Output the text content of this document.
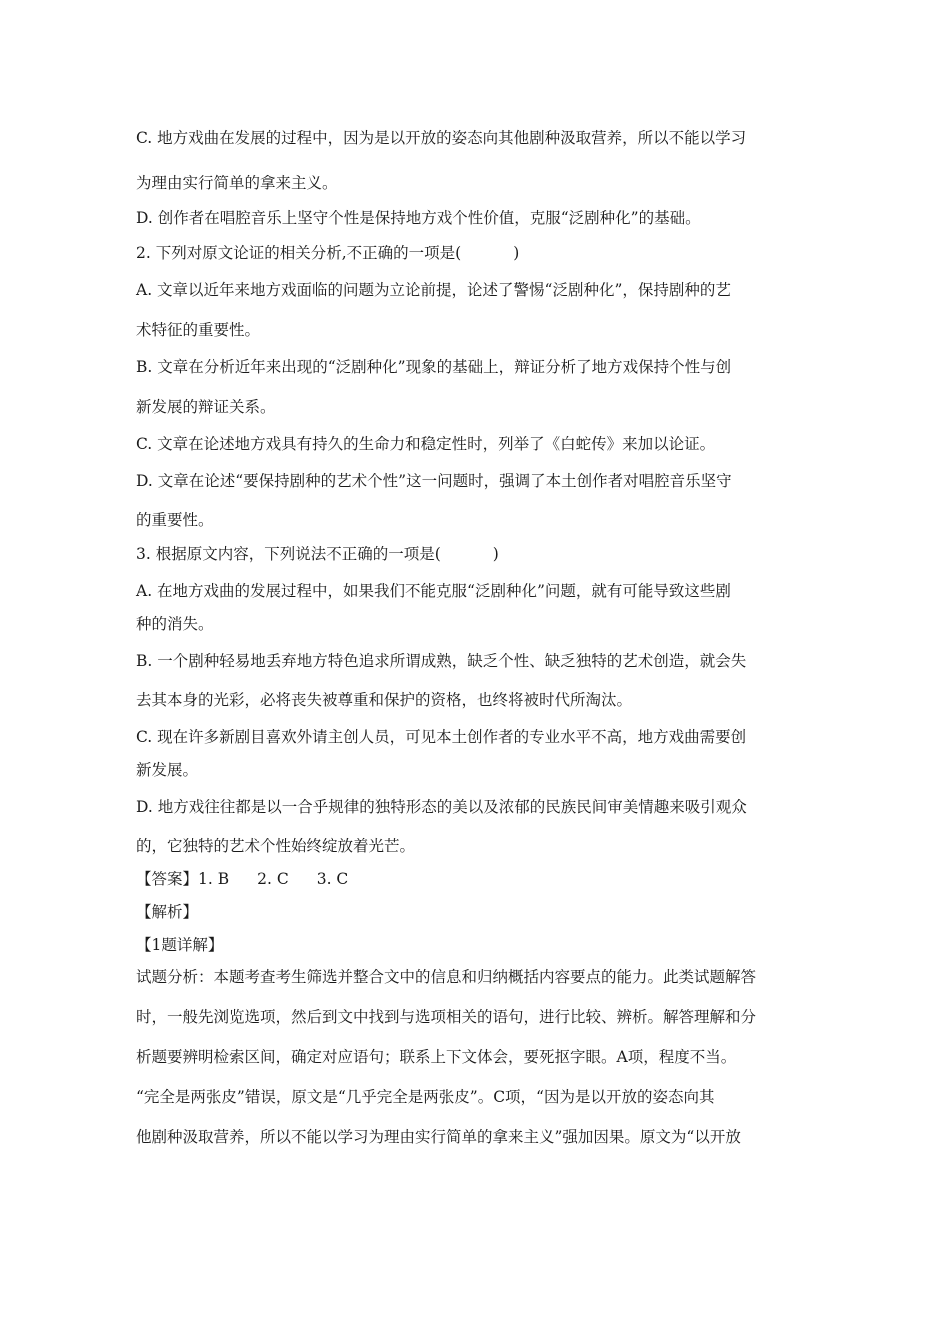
C. 地方戏曲在发展的过程中，因为是以开放的姿态向其他剧种汲取营养，所以不能以学习
为理由实行简单的拿来主义。
D. 创作者在唱腔音乐上坚守个性是保持地方戏个性价值，克服“泛剧种化”的基础。
2. 下列对原文论证的相关分析,不正确的一项是(	)
A. 文章以近年来地方戏面临的问题为立论前提，论述了警惕“泛剧种化”，保持剧种的艺
术特征的重要性。
B. 文章在分析近年来出现的“泛剧种化”现象的基础上，辩证分析了地方戏保持个性与创
新发展的辩证关系。
C. 文章在论述地方戏具有持久的生命力和稳定性时，列举了《白蛇传》来加以论证。
D. 文章在论述“要保持剧种的艺术个性”这一问题时，强调了本土创作者对唱腔音乐坚守
的重要性。
3. 根据原文内容，下列说法不正确的一项是(	)
A. 在地方戏曲的发展过程中，如果我们不能克服“泛剧种化”问题，就有可能导致这些剧
种的消失。
B. 一个剧种轻易地丢弃地方特色追求所谓成熟，缺乏个性、缺乏独特的艺术创造，就会失
去其本身的光彩，必将丧失被尊重和保护的资格，也终将被时代所淘汰。
C. 现在许多新剧目喜欢外请主创人员，可见本土创作者的专业水平不高，地方戏曲需要创
新发展。
D. 地方戏往往都是以一合乎规律的独特形态的美以及浓郁的民族民间审美情趣来吸引观众
的，它独特的艺术个性始终绽放着光芒。
【答案】1. B 2. C 3. C
【解析】
【1题详解】
试题分析：本题考查考生筛选并整合文中的信息和归纳概括内容要点的能力。此类试题解答
时，一般先浏览选项，然后到文中找到与选项相关的语句，进行比较、辨析。解答理解和分
析题要辨明检索区间，确定对应语句；联系上下文体会，要死抠字眼。A项，程度不当。
“完全是两张皮”错误，原文是“几乎完全是两张皮”。C项，“因为是以开放的姿态向其
他剧种汲取营养，所以不能以学习为理由实行简单的拿来主义”强加因果。原文为“以开放
